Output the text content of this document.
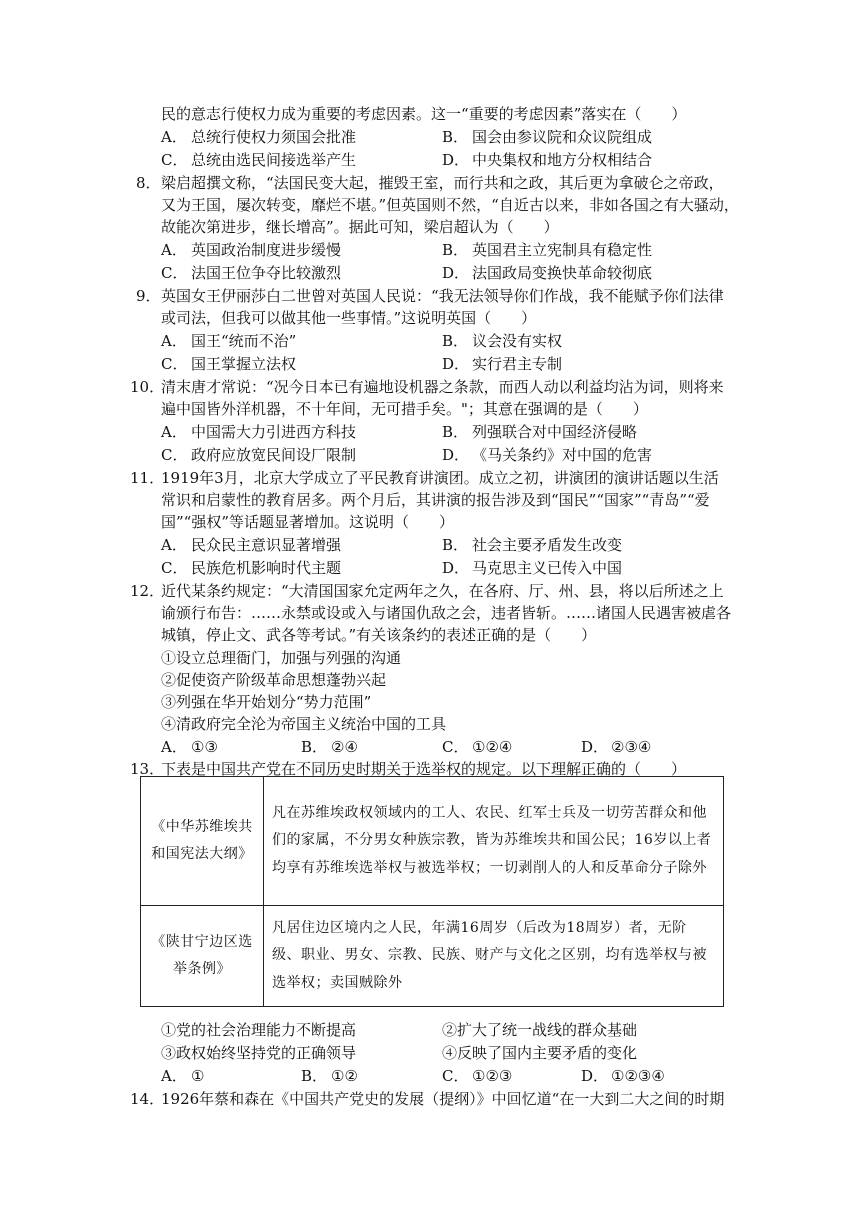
民的意志行使权力成为重要的考虑因素。这一“重要的考虑因素”落实在（　　）
A． 总统行使权力须国会批准	B． 国会由参议院和众议院组成
C． 总统由选民间接选举产生	D． 中央集权和地方分权相结合
8． 梁启超撰文称，“法国民变大起，摧毁王室，而行共和之政，其后更为拿破仑之帝政，
又为王国，屡次转变，靡烂不堪。”但英国则不然，“自近古以来，非如各国之有大骚动，
故能次第进步，继长增高”。据此可知，梁启超认为（　　）
A． 英国政治制度进步缓慢	B． 英国君主立宪制具有稳定性
C． 法国王位争夺比较激烈	D． 法国政局变换快革命较彻底
9． 英国女王伊丽莎白二世曾对英国人民说：“我无法领导你们作战，我不能赋予你们法律
或司法，但我可以做其他一些事情。”这说明英国（　　）
A． 国王“统而不治”	B． 议会没有实权
C． 国王掌握立法权	D． 实行君主专制
10．
清末唐才常说：“况今日本已有遍地设机器之条款，而西人动以利益均沾为词，则将来
遍中国皆外洋机器，不十年间，无可措手矣。"；其意在强调的是（　　）
A． 中国需大力引进西方科技	B． 列强联合对中国经济侵略
C． 政府应放宽民间设厂限制	D． 《马关条约》对中国的危害
11．
1919年3月，北京大学成立了平民教育讲演团。成立之初，讲演团的演讲话题以生活
常识和启蒙性的教育居多。两个月后，其讲演的报告涉及到“国民”“国家”“青岛”“爱
国”“强权”等话题显著增加。这说明（　　）
A． 民众民主意识显著增强	B． 社会主要矛盾发生改变
C． 民族危机影响时代主题	D． 马克思主义已传入中国
12．
近代某条约规定：“大清国国家允定两年之久，在各府、厅、州、县，将以后所述之上
谕颁行布告：……永禁或设或入与诸国仇敌之会，违者皆斩。……诸国人民遇害被虐各
城镇，停止文、武各等考试。”有关该条约的表述正确的是（　　）
①设立总理衙门，加强与列强的沟通
②促使资产阶级革命思想蓬勃兴起
③列强在华开始划分“势力范围”
④清政府完全沦为帝国主义统治中国的工具
A． ①③	B． ②④	C． ①②④	D． ②③④
13．
下表是中国共产党在不同历史时期关于选举权的规定。以下理解正确的（　　）
《中华苏维埃共
和国宪法大纲》	凡在苏维埃政权领域内的工人、农民、红军士兵及一切劳苦群众和他们的家属，不分男女种族宗教，皆为苏维埃共和国公民；16岁以上者均享有苏维埃选举权与被选举权；一切剥削人的人和反革命分子除外

《陕甘宁边区选
举条例》	凡居住边区境内之人民，年满16周岁（后改为18周岁）者，无阶级、职业、男女、宗教、民族、财产与文化之区别，均有选举权与被选举权；卖国贼除外
①党的社会治理能力不断提高	②扩大了统一战线的群众基础
③政权始终坚持党的正确领导	④反映了国内主要矛盾的变化
A． ①	B． ①②	C． ①②③	D． ①②③④
14．
1926年蔡和森在《中国共产党史的发展（提纲）》中回忆道“在一大到二大之间的时期
